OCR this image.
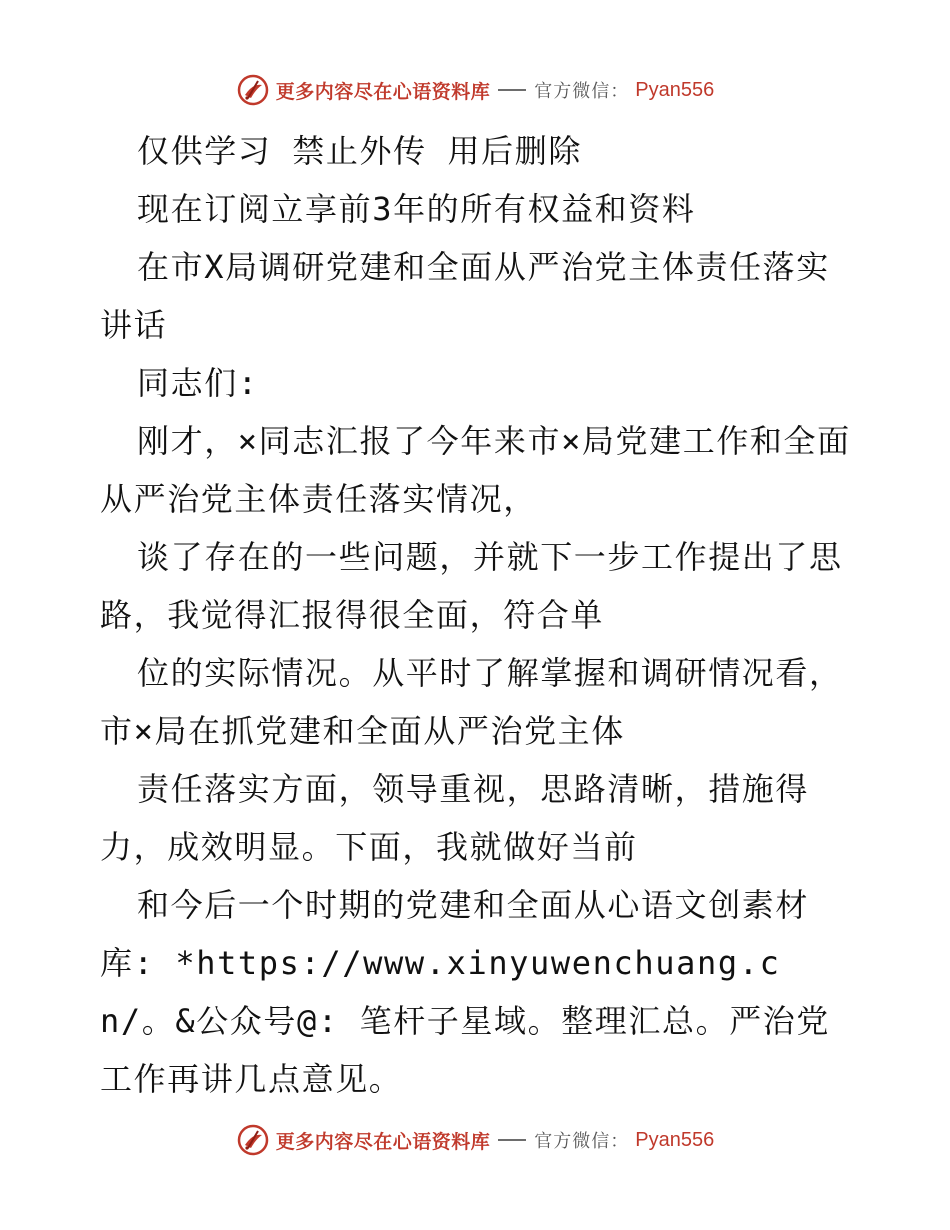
更多内容尽在心语资料库 官方微信： Pyan556

仅供学习 禁止外传 用后删除

现在订阅立享前3年的所有权益和资料

在市X局调研党建和全面从严治党主体责任落实讲话

同志们:

刚才，×同志汇报了今年来市×局党建工作和全面从严治党主体责任落实情况，

谈了存在的一些问题，并就下一步工作提出了思路，我觉得汇报得很全面，符合单

位的实际情况。从平时了解掌握和调研情况看，市×局在抓党建和全面从严治党主体

责任落实方面，领导重视，思路清晰，措施得力，成效明显。下面，我就做好当前

和今后一个时期的党建和全面从心语文创素材库: *https://www.xinyuwenchuang.cn/。&公众号@: 笔杆子星域。整理汇总。严治党工作再讲几点意见。

更多内容尽在心语资料库 官方微信： Pyan556
